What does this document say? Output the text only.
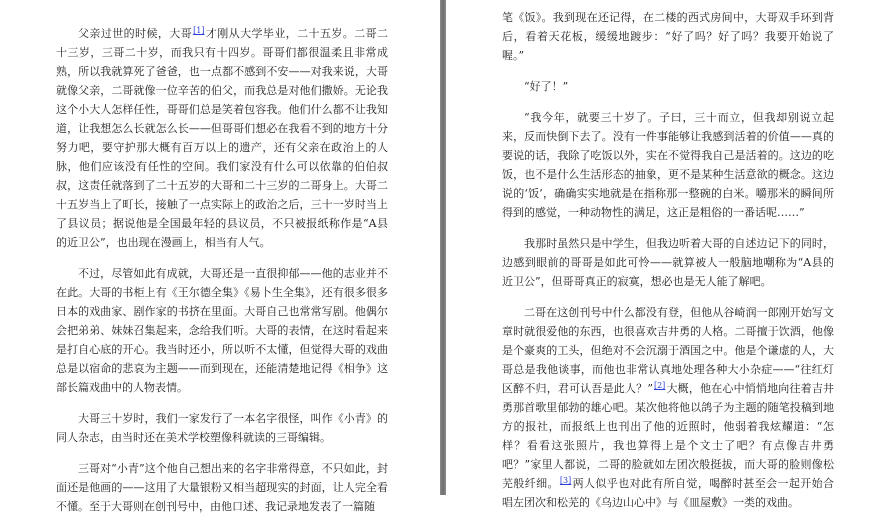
父亲过世的时候，大哥[1]才刚从大学毕业，二十五岁。二哥二十三岁，三哥二十岁，而我只有十四岁。哥哥们都很温柔且非常成熟，所以我就算死了爸爸，也一点都不感到不安——对我来说，大哥就像父亲，二哥就像一位辛苦的伯父，而我总是对他们撒娇。无论我这个小大人怎样任性，哥哥们总是笑着包容我。他们什么都不让我知道，让我想怎么长就怎么长——但哥哥们想必在我看不到的地方十分努力吧，要守护那大概有百万以上的遗产，还有父亲在政治上的人脉，他们应该没有任性的空间。我们家没有什么可以依靠的伯伯叔叔，这责任就落到了二十五岁的大哥和二十三岁的二哥身上。大哥二十五岁当上了町长，接触了一点实际上的政治之后，三十一岁时当上了县议员；据说他是全国最年轻的县议员，不只被报纸称作是“A县的近卫公”，也出现在漫画上，相当有人气。

不过，尽管如此有成就，大哥还是一直很抑郁——他的志业并不在此。大哥的书柜上有《王尔德全集》《易卜生全集》，还有很多很多日本的戏曲家、剧作家的书挤在里面。大哥自己也常常写剧。他偶尔会把弟弟、妹妹召集起来，念给我们听。大哥的表情，在这时看起来是打自心底的开心。我当时还小，所以听不太懂，但觉得大哥的戏曲总是以宿命的悲哀为主题——而到现在，还能清楚地记得《相争》这部长篇戏曲中的人物表情。

大哥三十岁时，我们一家发行了一本名字很怪，叫作《小青》的同人杂志，由当时还在美术学校塑像科就读的三哥编辑。

三哥对“小青”这个他自己想出来的名字非常得意，不只如此，封面还是他画的——这用了大量银粉又相当超现实的封面，让人完全看不懂。至于大哥则在创刊号中，由他口述、我记录地发表了一篇随

笔《饭》。我到现在还记得，在二楼的西式房间中，大哥双手环到背后，看着天花板，缓缓地踱步：“好了吗？好了吗？我要开始说了喔。”

“好了！”

“我今年，就要三十岁了。子曰，三十而立，但我却别说立起来，反而快倒下去了。没有一件事能够让我感到活着的价值——真的要说的话，我除了吃饭以外，实在不觉得我自己是活着的。这边的吃饭，也不是什么生活形态的抽象，更不是某种生活意欲的概念。这边说的‘饭’，确确实实地就是在指称那一整碗的白米。嚼那米的瞬间所得到的感觉，一种动物性的满足，这正是粗俗的一番话呢……”

我那时虽然只是中学生，但我边听着大哥的自述边记下的同时，边感到眼前的哥哥是如此可怜——就算被人一般脑地嘲称为“A县的近卫公”，但哥哥真正的寂寞，想必也是无人能了解吧。

二哥在这创刊号中什么都没有登，但他从谷崎润一郎刚开始写文章时就很爱他的东西，也很喜欢吉井勇的人格。二哥擅于饮酒，他像是个豪爽的工头，但绝对不会沉溺于酒国之中。他是个谦虚的人，大哥总是我他谈事，而他也非常认真地处理各种大小杂症——“往红灯区醉不归，君可认吾是此人？”[2]大概，他在心中悄悄地向往着吉井勇那首歌里郁勃的雄心吧。某次他将他以鸽子为主题的随笔投稿到地方的报社，而报纸上也刊出了他的近照时，他弱着我炫耀道：“怎样？看看这张照片，我也算得上是个文士了吧？有点像吉井勇吧？”家里人都说，二哥的脸就如左团次般挺拔，而大哥的脸则像松芜般纤细。[3]两人似乎也对此有所自觉，喝醉时甚至会一起开始合唱左团次和松芜的《乌边山心中》与《皿屋敷》一类的戏曲。
